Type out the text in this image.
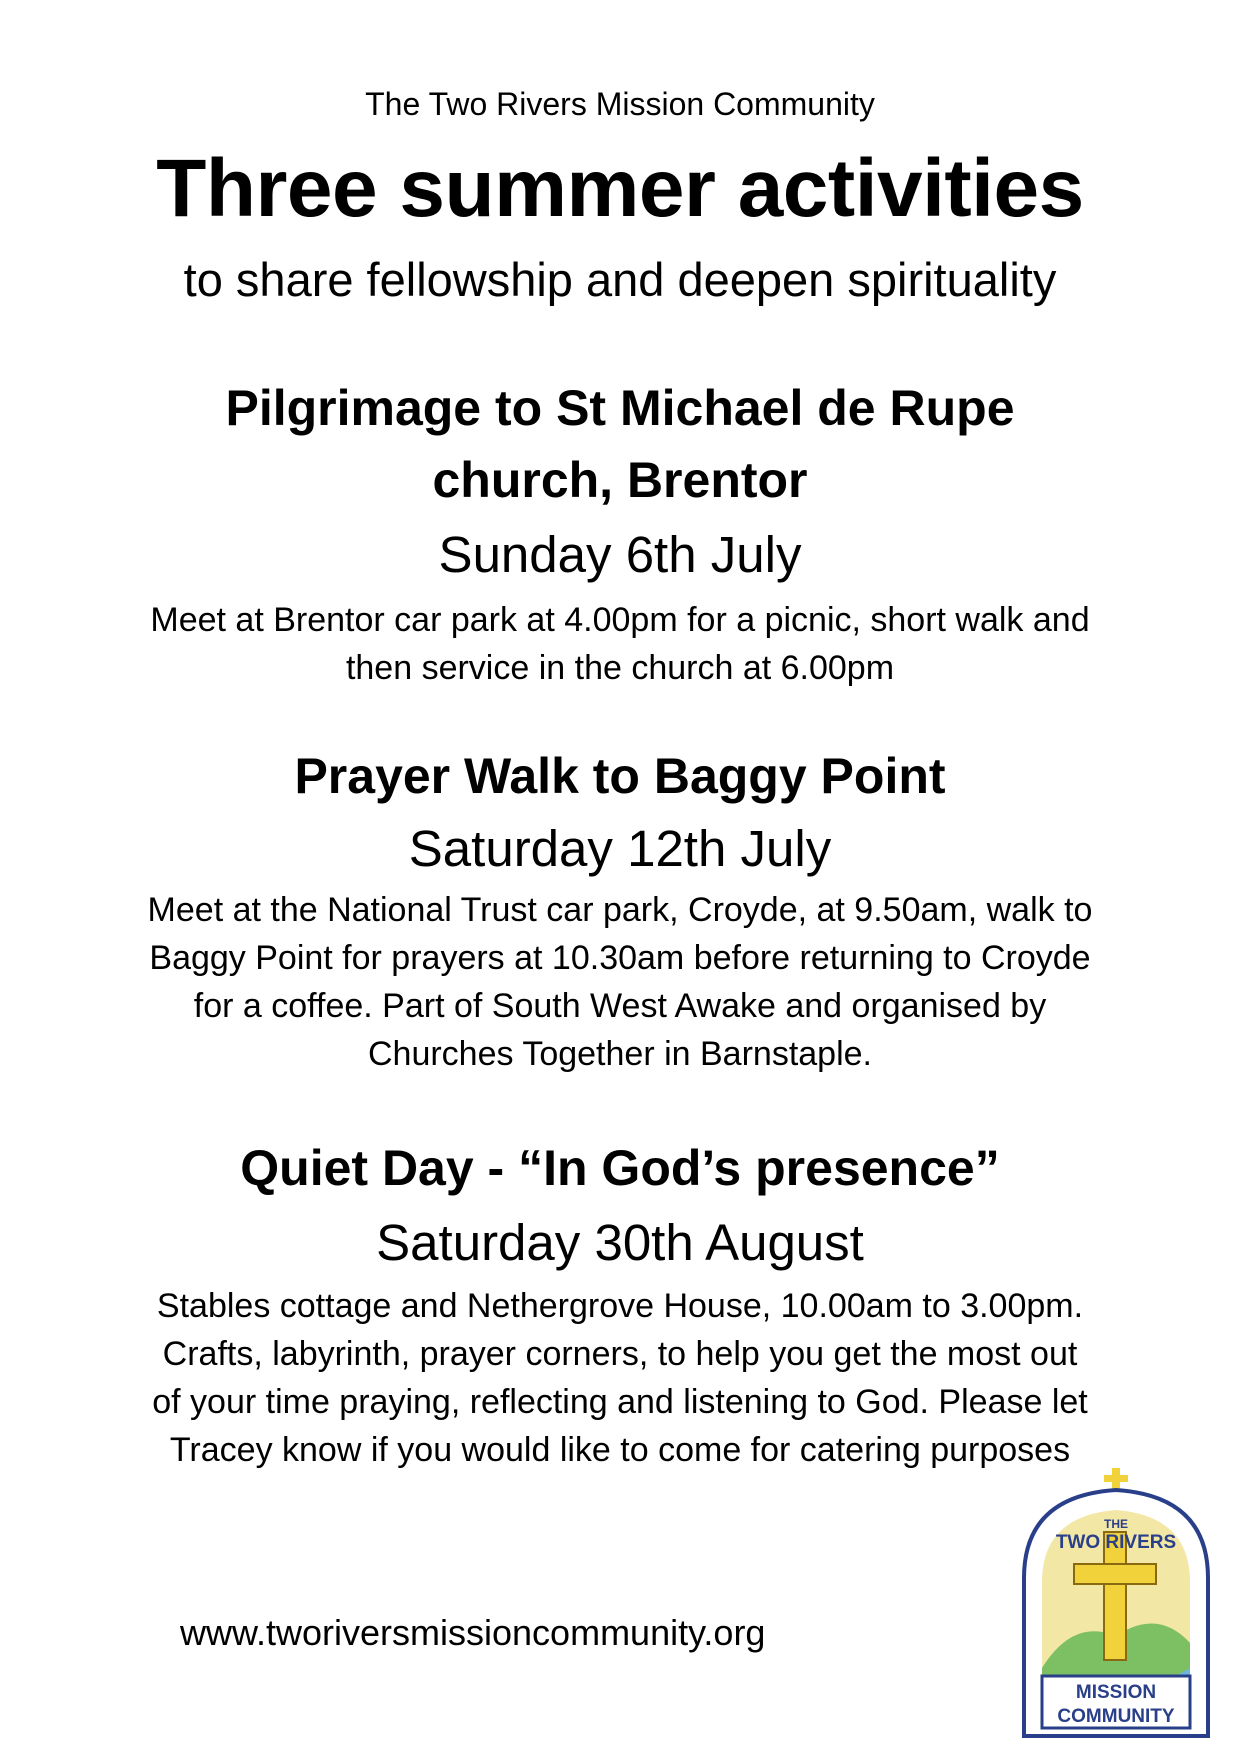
The Two Rivers Mission Community
Three summer activities
to share fellowship and deepen spirituality
Pilgrimage to St Michael de Rupe
church, Brentor
Sunday 6th July
Meet at Brentor car park at 4.00pm for a picnic, short walk and
then service in the church at 6.00pm
Prayer Walk to Baggy Point
Saturday 12th July
Meet at the National Trust car park, Croyde, at 9.50am, walk to
Baggy Point for prayers at 10.30am before returning to Croyde
for a coffee. Part of South West Awake and organised by
Churches Together in Barnstaple.
Quiet Day - “In God’s presence”
Saturday 30th August
Stables cottage and Nethergrove House, 10.00am to 3.00pm.
Crafts, labyrinth, prayer corners, to help you get the most out
of your time praying, reflecting and listening to God. Please let
Tracey know if you would like to come for catering purposes
www.tworiversmissioncommunity.org
THE
TWO RIVERS
MISSION
COMMUNITY
